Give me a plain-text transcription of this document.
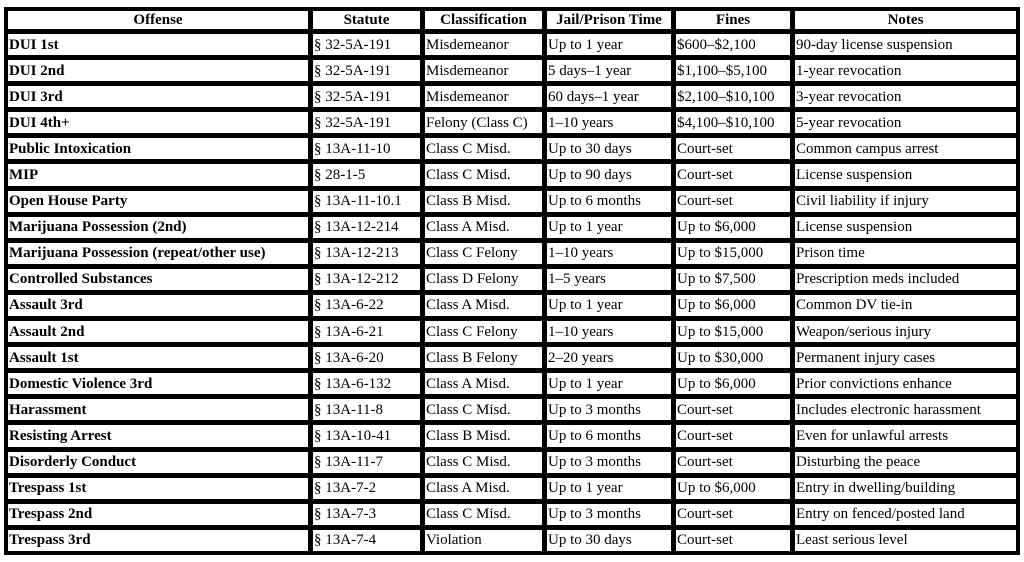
Offense	Statute	Classification	Jail/Prison Time	Fines	Notes
DUI 1st	§ 32-5A-191	Misdemeanor	Up to 1 year	$600–$2,100	90-day license suspension
DUI 2nd	§ 32-5A-191	Misdemeanor	5 days–1 year	$1,100–$5,100	1-year revocation
DUI 3rd	§ 32-5A-191	Misdemeanor	60 days–1 year	$2,100–$10,100	3-year revocation
DUI 4th+	§ 32-5A-191	Felony (Class C)	1–10 years	$4,100–$10,100	5-year revocation
Public Intoxication	§ 13A-11-10	Class C Misd.	Up to 30 days	Court-set	Common campus arrest
MIP	§ 28-1-5	Class C Misd.	Up to 90 days	Court-set	License suspension
Open House Party	§ 13A-11-10.1	Class B Misd.	Up to 6 months	Court-set	Civil liability if injury
Marijuana Possession (2nd)	§ 13A-12-214	Class A Misd.	Up to 1 year	Up to $6,000	License suspension
Marijuana Possession (repeat/other use)	§ 13A-12-213	Class C Felony	1–10 years	Up to $15,000	Prison time
Controlled Substances	§ 13A-12-212	Class D Felony	1–5 years	Up to $7,500	Prescription meds included
Assault 3rd	§ 13A-6-22	Class A Misd.	Up to 1 year	Up to $6,000	Common DV tie-in
Assault 2nd	§ 13A-6-21	Class C Felony	1–10 years	Up to $15,000	Weapon/serious injury
Assault 1st	§ 13A-6-20	Class B Felony	2–20 years	Up to $30,000	Permanent injury cases
Domestic Violence 3rd	§ 13A-6-132	Class A Misd.	Up to 1 year	Up to $6,000	Prior convictions enhance
Harassment	§ 13A-11-8	Class C Misd.	Up to 3 months	Court-set	Includes electronic harassment
Resisting Arrest	§ 13A-10-41	Class B Misd.	Up to 6 months	Court-set	Even for unlawful arrests
Disorderly Conduct	§ 13A-11-7	Class C Misd.	Up to 3 months	Court-set	Disturbing the peace
Trespass 1st	§ 13A-7-2	Class A Misd.	Up to 1 year	Up to $6,000	Entry in dwelling/building
Trespass 2nd	§ 13A-7-3	Class C Misd.	Up to 3 months	Court-set	Entry on fenced/posted land
Trespass 3rd	§ 13A-7-4	Violation	Up to 30 days	Court-set	Least serious level
